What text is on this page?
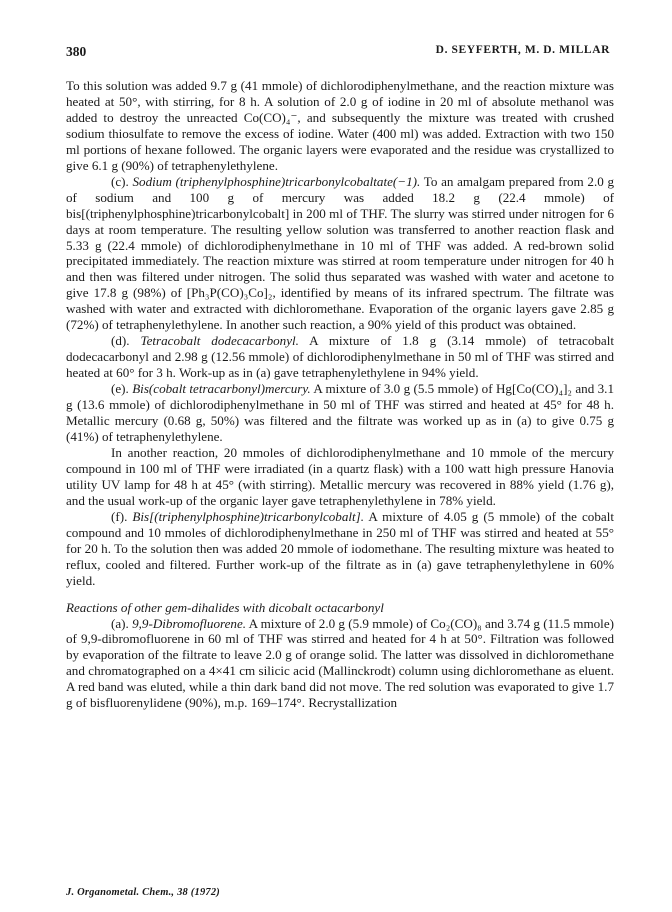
380	D. SEYFERTH, M. D. MILLAR

To this solution was added 9.7 g (41 mmole) of dichlorodiphenylmethane, and the reaction mixture was heated at 50°, with stirring, for 8 h. A solution of 2.0 g of iodine in 20 ml of absolute methanol was added to destroy the unreacted Co(CO)₄⁻, and subsequently the mixture was treated with crushed sodium thiosulfate to remove the excess of iodine. Water (400 ml) was added. Extraction with two 150 ml portions of hexane followed. The organic layers were evaporated and the residue was crystallized to give 6.1 g (90%) of tetraphenylethylene.

(c). Sodium (triphenylphosphine)tricarbonylcobaltate(−1). To an amalgam prepared from 2.0 g of sodium and 100 g of mercury was added 18.2 g (22.4 mmole) of bis[(triphenylphosphine)tricarbonylcobalt] in 200 ml of THF. The slurry was stirred under nitrogen for 6 days at room temperature. The resulting yellow solution was transferred to another reaction flask and 5.33 g (22.4 mmole) of dichlorodiphenylmethane in 10 ml of THF was added. A red-brown solid precipitated immediately. The reaction mixture was stirred at room temperature under nitrogen for 40 h and then was filtered under nitrogen. The solid thus separated was washed with water and acetone to give 17.8 g (98%) of [Ph₃P(CO)₃Co]₂, identified by means of its infrared spectrum. The filtrate was washed with water and extracted with dichloromethane. Evaporation of the organic layers gave 2.85 g (72%) of tetraphenylethylene. In another such reaction, a 90% yield of this product was obtained.

(d). Tetracobalt dodecacarbonyl. A mixture of 1.8 g (3.14 mmole) of tetracobalt dodecacarbonyl and 2.98 g (12.56 mmole) of dichlorodiphenylmethane in 50 ml of THF was stirred and heated at 60° for 3 h. Work-up as in (a) gave tetraphenylethylene in 94% yield.

(e). Bis(cobalt tetracarbonyl)mercury. A mixture of 3.0 g (5.5 mmole) of Hg[Co(CO)₄]₂ and 3.1 g (13.6 mmole) of dichlorodiphenylmethane in 50 ml of THF was stirred and heated at 45° for 48 h. Metallic mercury (0.68 g, 50%) was filtered and the filtrate was worked up as in (a) to give 0.75 g (41%) of tetraphenylethylene.

In another reaction, 20 mmoles of dichlorodiphenylmethane and 10 mmole of the mercury compound in 100 ml of THF were irradiated (in a quartz flask) with a 100 watt high pressure Hanovia utility UV lamp for 48 h at 45° (with stirring). Metallic mercury was recovered in 88% yield (1.76 g), and the usual work-up of the organic layer gave tetraphenylethylene in 78% yield.

(f). Bis[(triphenylphosphine)tricarbonylcobalt]. A mixture of 4.05 g (5 mmole) of the cobalt compound and 10 mmoles of dichlorodiphenylmethane in 250 ml of THF was stirred and heated at 55° for 20 h. To the solution then was added 20 mmole of iodomethane. The resulting mixture was heated to reflux, cooled and filtered. Further work-up of the filtrate as in (a) gave tetraphenylethylene in 60% yield.

Reactions of other gem-dihalides with dicobalt octacarbonyl

(a). 9,9-Dibromofluorene. A mixture of 2.0 g (5.9 mmole) of Co₂(CO)₈ and 3.74 g (11.5 mmole) of 9,9-dibromofluorene in 60 ml of THF was stirred and heated for 4 h at 50°. Filtration was followed by evaporation of the filtrate to leave 2.0 g of orange solid. The latter was dissolved in dichloromethane and chromatographed on a 4×41 cm silicic acid (Mallinckrodt) column using dichloromethane as eluent. A red band was eluted, while a thin dark band did not move. The red solution was evaporated to give 1.7 g of bisfluorenylidene (90%), m.p. 169–174°. Recrystallization

J. Organometal. Chem., 38 (1972)
